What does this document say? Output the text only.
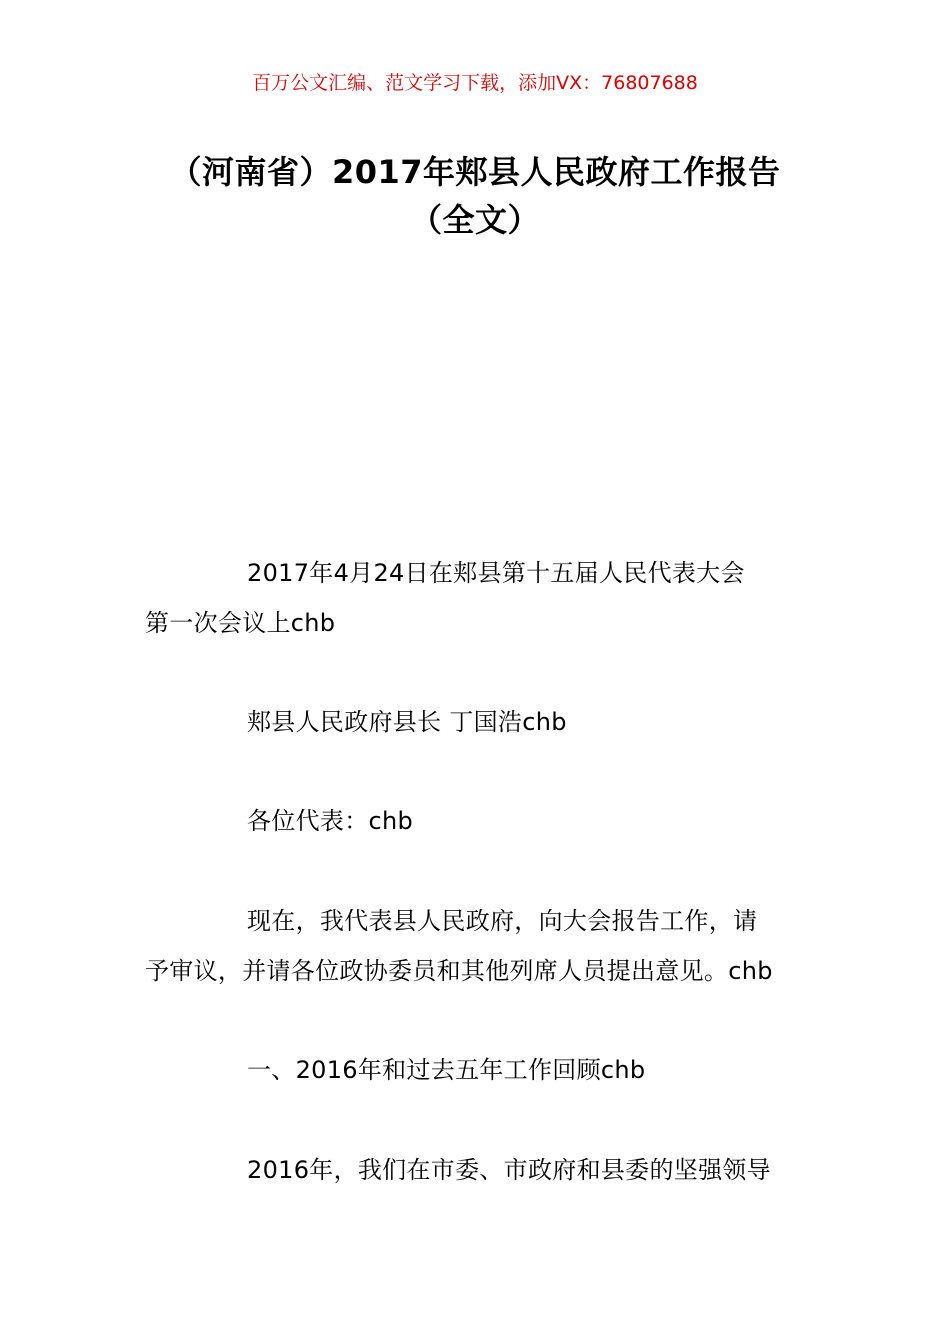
百万公文汇编、范文学习下载，添加VX：76807688
（河南省）2017年郏县人民政府工作报告
（全文）

2017年4月24日在郏县第十五届人民代表大会
第一次会议上chb

郏县人民政府县长 丁国浩chb

各位代表：chb

现在，我代表县人民政府，向大会报告工作，请
予审议，并请各位政协委员和其他列席人员提出意见。chb

一、2016年和过去五年工作回顾chb

2016年，我们在市委、市政府和县委的坚强领导
